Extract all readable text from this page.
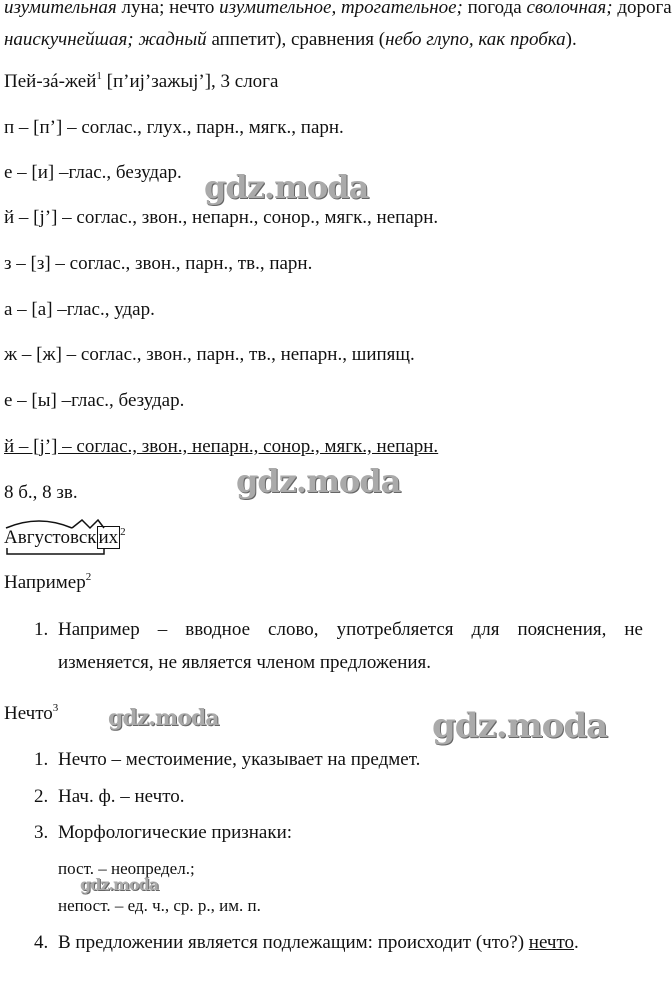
изумительная луна; нечто изумительное, трогательное; погода сволочная; дорога
наискучнейшая; жадный аппетит), сравнения (небо глупо, как пробка).
Пей-зá-жей$^1$ [п’иj’зажыj’], 3 слога
п – [п’] – соглас., глух., парн., мягк., парн.
е – [и] –глас., безудар.
й – [j’] – соглас., звон., непарн., сонор., мягк., непарн.
з – [з] – соглас., звон., парн., тв., парн.
а – [а] –глас., удар.
ж – [ж] – соглас., звон., парн., тв., непарн., шипящ.
е – [ы] –глас., безудар.
й – [j’] – соглас., звон., непарн., сонор., мягк., непарн.
8 б., 8 зв.
Августовск их $^2$
Например$^2$
1. Например – вводное слово, употребляется для пояснения, не
изменяется, не является членом предложения.
Нечто$^3$
1. Нечто – местоимение, указывает на предмет.
2. Нач. ф. – нечто.
3. Морфологические признаки:
пост. – неопредел.;
непост. – ед. ч., ср. р., им. п.
4. В предложении является подлежащим: происходит (что?) нечто.
gdz.moda
gdz.moda
gdz.moda	gdz.moda
gdz.moda
